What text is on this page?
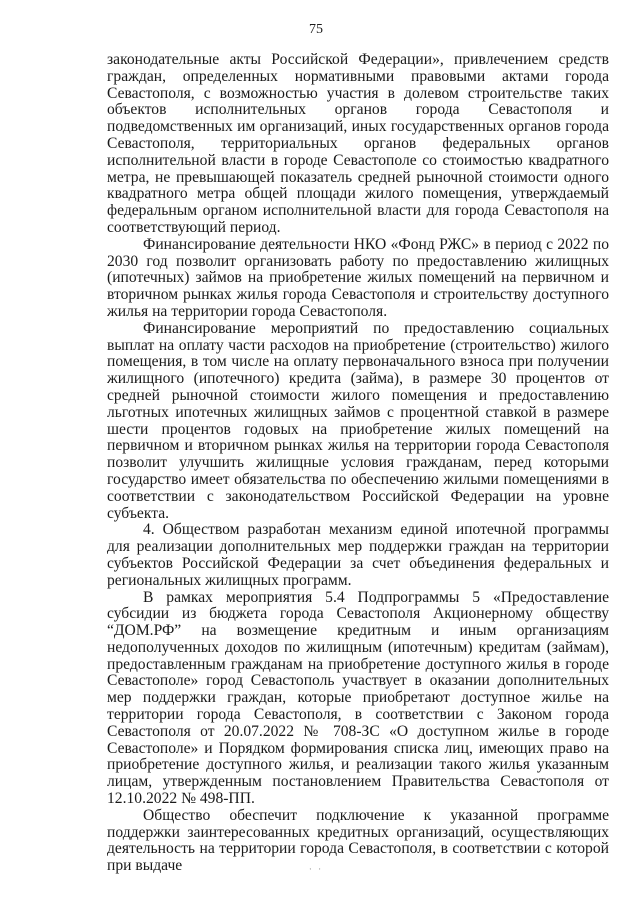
75

законодательные акты Российской Федерации», привлечением средств граждан, определенных нормативными правовыми актами города Севастополя, с возможностью участия в долевом строительстве таких объектов исполнительных органов города Севастополя и подведомственных им организаций, иных государственных органов города Севастополя, территориальных органов федеральных органов исполнительной власти в городе Севастополе со стоимостью квадратного метра, не превышающей показатель средней рыночной стоимости одного квадратного метра общей площади жилого помещения, утверждаемый федеральным органом исполнительной власти для города Севастополя на соответствующий период.

Финансирование деятельности НКО «Фонд РЖС» в период с 2022 по 2030 год позволит организовать работу по предоставлению жилищных (ипотечных) займов на приобретение жилых помещений на первичном и вторичном рынках жилья города Севастополя и строительству доступного жилья на территории города Севастополя.

Финансирование мероприятий по предоставлению социальных выплат на оплату части расходов на приобретение (строительство) жилого помещения, в том числе на оплату первоначального взноса при получении жилищного (ипотечного) кредита (займа), в размере 30 процентов от средней рыночной стоимости жилого помещения и предоставлению льготных ипотечных жилищных займов с процентной ставкой в размере шести процентов годовых на приобретение жилых помещений на первичном и вторичном рынках жилья на территории города Севастополя позволит улучшить жилищные условия гражданам, перед которыми государство имеет обязательства по обеспечению жилыми помещениями в соответствии с законодательством Российской Федерации на уровне субъекта.

4. Обществом разработан механизм единой ипотечной программы для реализации дополнительных мер поддержки граждан на территории субъектов Российской Федерации за счет объединения федеральных и региональных жилищных программ.

В рамках мероприятия 5.4 Подпрограммы 5 «Предоставление субсидии из бюджета города Севастополя Акционерному обществу “ДОМ.РФ” на возмещение кредитным и иным организациям недополученных доходов по жилищным (ипотечным) кредитам (займам), предоставленным гражданам на приобретение доступного жилья в городе Севастополе» город Севастополь участвует в оказании дополнительных мер поддержки граждан, которые приобретают доступное жилье на территории города Севастополя, в соответствии с Законом города Севастополя от 20.07.2022 № 708-ЗС «О доступном жилье в городе Севастополе» и Порядком формирования списка лиц, имеющих право на приобретение доступного жилья, и реализации такого жилья указанным лицам, утвержденным постановлением Правительства Севастополя от 12.10.2022 № 498-ПП.

Общество обеспечит подключение к указанной программе поддержки заинтересованных кредитных организаций, осуществляющих деятельность на территории города Севастополя, в соответствии с которой при выдаче	· ·
